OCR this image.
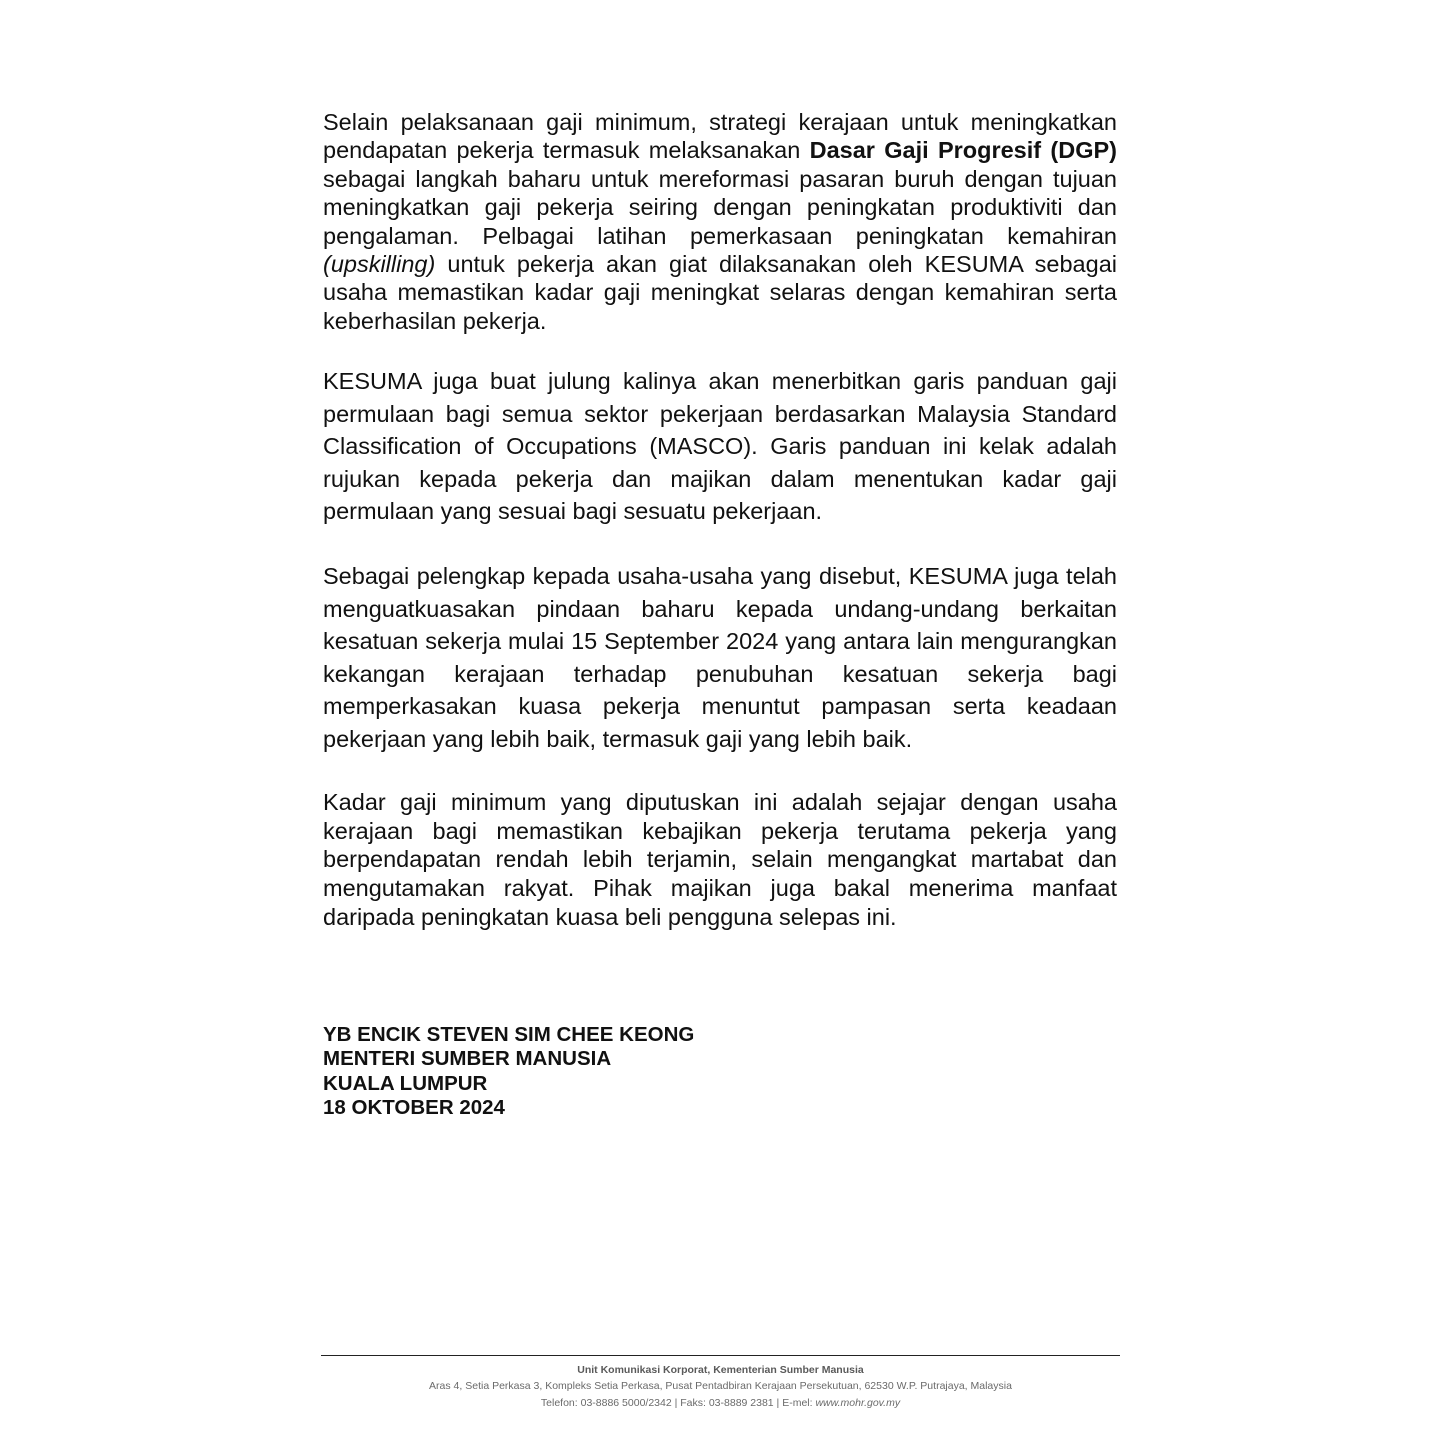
Selain pelaksanaan gaji minimum, strategi kerajaan untuk meningkatkan pendapatan pekerja termasuk melaksanakan Dasar Gaji Progresif (DGP) sebagai langkah baharu untuk mereformasi pasaran buruh dengan tujuan meningkatkan gaji pekerja seiring dengan peningkatan produktiviti dan pengalaman. Pelbagai latihan pemerkasaan peningkatan kemahiran (upskilling) untuk pekerja akan giat dilaksanakan oleh KESUMA sebagai usaha memastikan kadar gaji meningkat selaras dengan kemahiran serta keberhasilan pekerja.

KESUMA juga buat julung kalinya akan menerbitkan garis panduan gaji permulaan bagi semua sektor pekerjaan berdasarkan Malaysia Standard Classification of Occupations (MASCO). Garis panduan ini kelak adalah rujukan kepada pekerja dan majikan dalam menentukan kadar gaji permulaan yang sesuai bagi sesuatu pekerjaan.

Sebagai pelengkap kepada usaha-usaha yang disebut, KESUMA juga telah menguatkuasakan pindaan baharu kepada undang-undang berkaitan kesatuan sekerja mulai 15 September 2024 yang antara lain mengurangkan kekangan kerajaan terhadap penubuhan kesatuan sekerja bagi memperkasakan kuasa pekerja menuntut pampasan serta keadaan pekerjaan yang lebih baik, termasuk gaji yang lebih baik.

Kadar gaji minimum yang diputuskan ini adalah sejajar dengan usaha kerajaan bagi memastikan kebajikan pekerja terutama pekerja yang berpendapatan rendah lebih terjamin, selain mengangkat martabat dan mengutamakan rakyat. Pihak majikan juga bakal menerima manfaat daripada peningkatan kuasa beli pengguna selepas ini.

YB ENCIK STEVEN SIM CHEE KEONG
MENTERI SUMBER MANUSIA
KUALA LUMPUR
18 OKTOBER 2024
Unit Komunikasi Korporat, Kementerian Sumber Manusia
Aras 4, Setia Perkasa 3, Kompleks Setia Perkasa, Pusat Pentadbiran Kerajaan Persekutuan, 62530 W.P. Putrajaya, Malaysia
Telefon: 03-8886 5000/2342 | Faks: 03-8889 2381 | E-mel: www.mohr.gov.my
